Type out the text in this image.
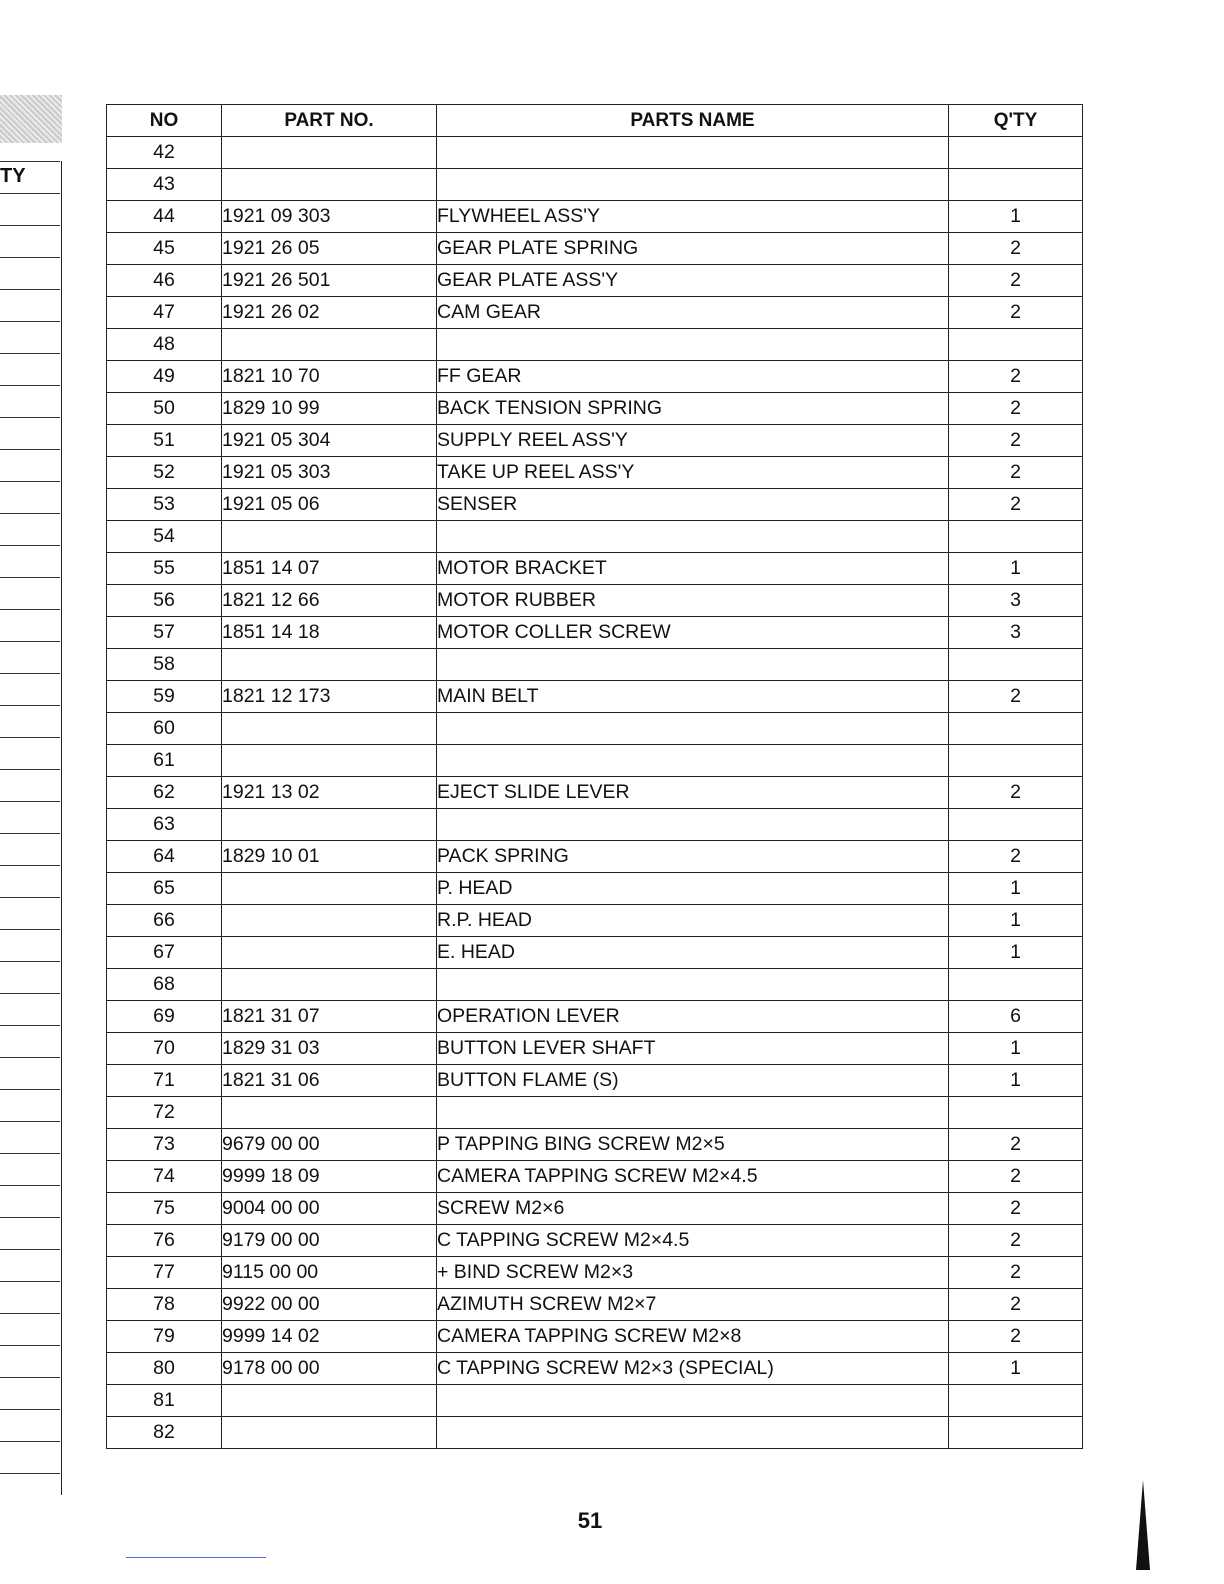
TY
NO	PART NO.	PARTS NAME	Q'TY
42			
43			
44	1921 09 303	FLYWHEEL ASS'Y	1
45	1921 26 05	GEAR PLATE SPRING	2
46	1921 26 501	GEAR PLATE ASS'Y	2
47	1921 26 02	CAM GEAR	2
48			
49	1821 10 70	FF GEAR	2
50	1829 10 99	BACK TENSION SPRING	2
51	1921 05 304	SUPPLY REEL ASS'Y	2
52	1921 05 303	TAKE UP REEL ASS'Y	2
53	1921 05 06	SENSER	2
54			
55	1851 14 07	MOTOR BRACKET	1
56	1821 12 66	MOTOR RUBBER	3
57	1851 14 18	MOTOR COLLER SCREW	3
58			
59	1821 12 173	MAIN BELT	2
60			
61			
62	1921 13 02	EJECT SLIDE LEVER	2
63			
64	1829 10 01	PACK SPRING	2
65		P. HEAD	1
66		R.P. HEAD	1
67		E. HEAD	1
68			
69	1821 31 07	OPERATION LEVER	6
70	1829 31 03	BUTTON LEVER SHAFT	1
71	1821 31 06	BUTTON FLAME (S)	1
72			
73	9679 00 00	P TAPPING BING SCREW M2×5	2
74	9999 18 09	CAMERA TAPPING SCREW M2×4.5	2
75	9004 00 00	SCREW M2×6	2
76	9179 00 00	C TAPPING SCREW M2×4.5	2
77	9115 00 00	+ BIND SCREW M2×3	2
78	9922 00 00	AZIMUTH SCREW M2×7	2
79	9999 14 02	CAMERA TAPPING SCREW M2×8	2
80	9178 00 00	C TAPPING SCREW M2×3 (SPECIAL)	1
81			
82			
51
